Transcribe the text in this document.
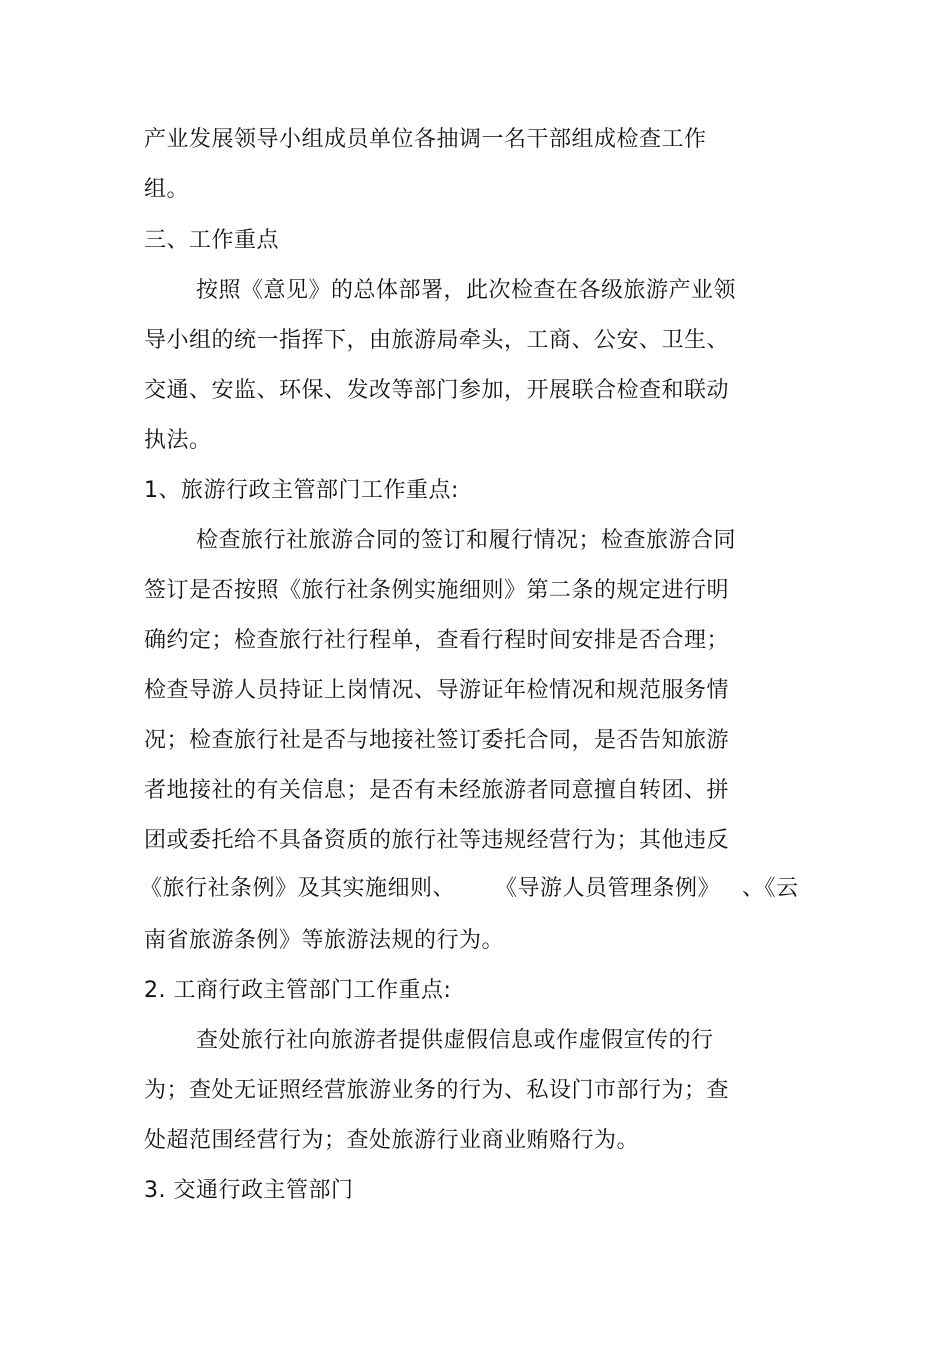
产业发展领导小组成员单位各抽调一名干部组成检查工作
组。
三、工作重点
按照《意见》的总体部署，此次检查在各级旅游产业领
导小组的统一指挥下，由旅游局牵头，工商、公安、卫生、
交通、安监、环保、发改等部门参加，开展联合检查和联动
执法。
1、旅游行政主管部门工作重点:
检查旅行社旅游合同的签订和履行情况；检查旅游合同
签订是否按照《旅行社条例实施细则》第二条的规定进行明
确约定；检查旅行社行程单，查看行程时间安排是否合理；
检查导游人员持证上岗情况、导游证年检情况和规范服务情
况；检查旅行社是否与地接社签订委托合同，是否告知旅游
者地接社的有关信息；是否有未经旅游者同意擅自转团、拼
团或委托给不具备资质的旅行社等违规经营行为；其他违反
《旅行社条例》及其实施细则、 《导游人员管理条例》 、《云
南省旅游条例》等旅游法规的行为。
2. 工商行政主管部门工作重点:
查处旅行社向旅游者提供虚假信息或作虚假宣传的行
为；查处无证照经营旅游业务的行为、私设门市部行为；查
处超范围经营行为；查处旅游行业商业贿赂行为。
3. 交通行政主管部门
